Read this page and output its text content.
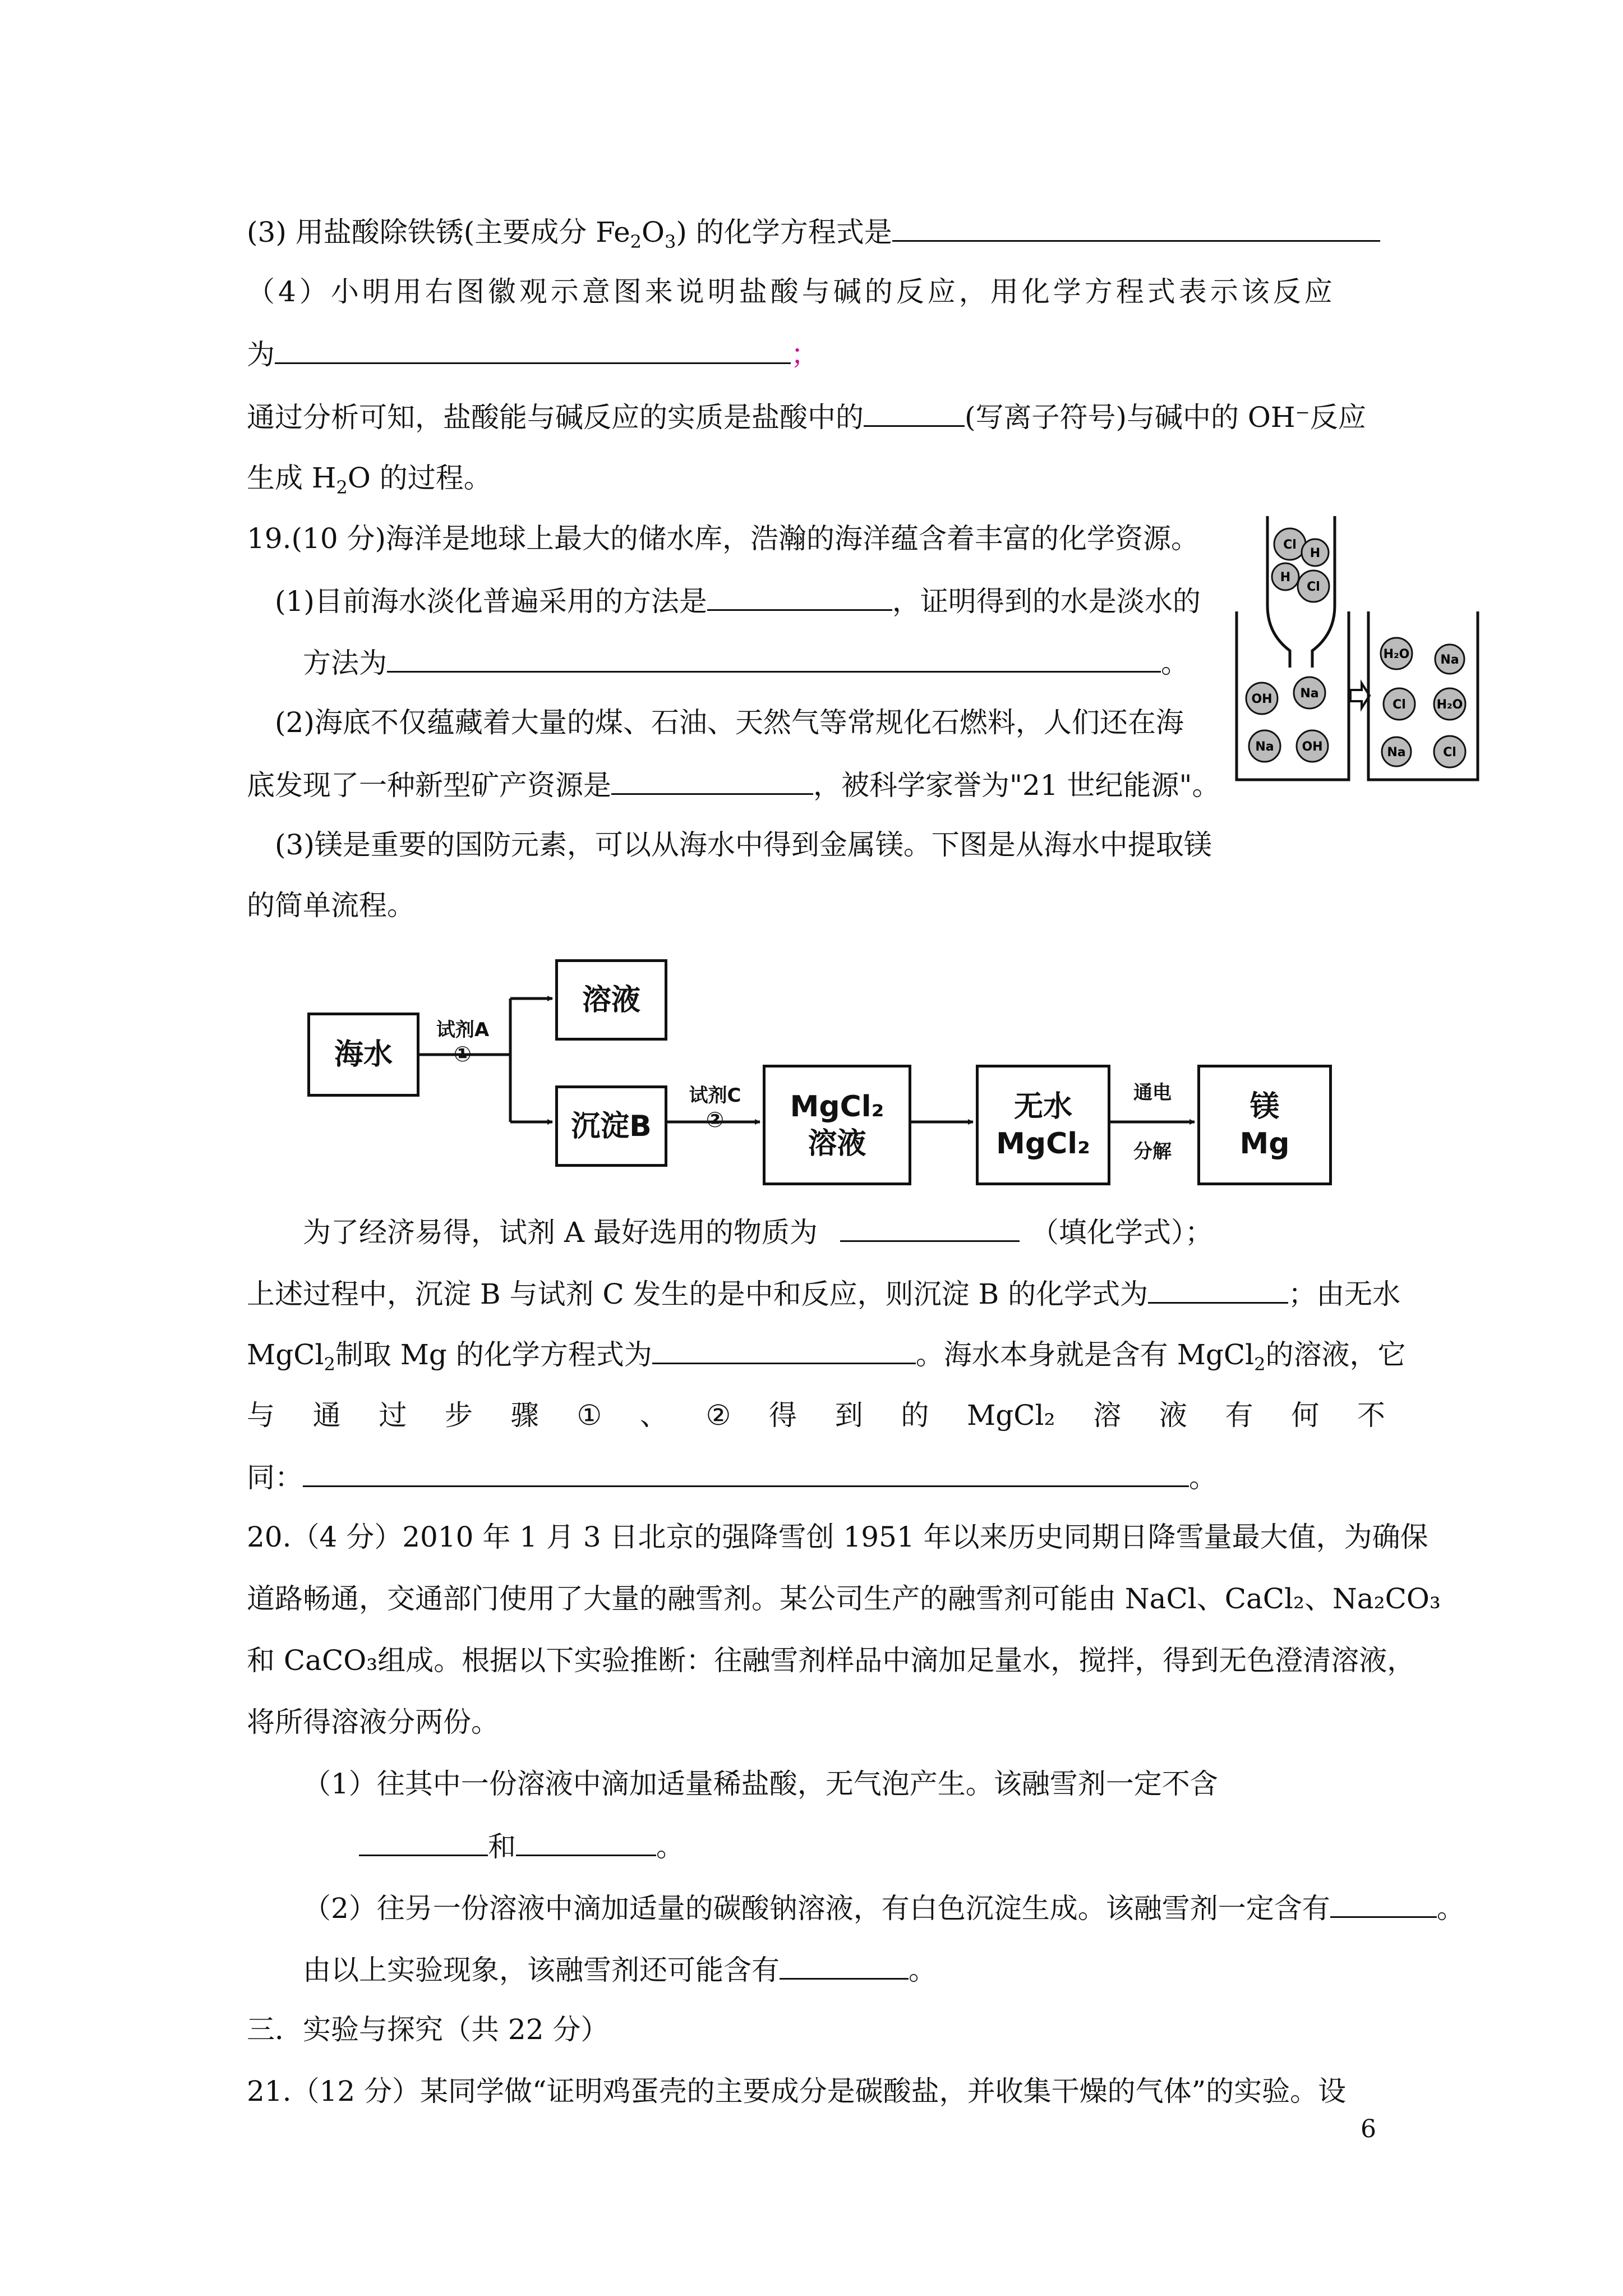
(3) 用盐酸除铁锈(主要成分 $Fe_2O_3$) 的化学方程式是
（4）小明用右图徽观示意图来说明盐酸与碱的反应，用化学方程式表示该反应
为	；
通过分析可知，盐酸能与碱反应的实质是盐酸中的	(写离子符号)与碱中的 OH⁻反应
生成 $H_2O$ 的过程。
Cl
H
H
Cl
OH Na
Na OH
H₂O Na
Cl H₂O
Na	Cl
19.(10 分)海洋是地球上最大的储水库，浩瀚的海洋蕴含着丰富的化学资源。
(1)目前海水淡化普遍采用的方法是	，证明得到的水是淡水的
方法为	。
(2)海底不仅蕴藏着大量的煤、石油、天然气等常规化石燃料，人们还在海
底发现了一种新型矿产资源是	，被科学家誉为"21 世纪能源"。
(3)镁是重要的国防元素，可以从海水中得到金属镁。下图是从海水中提取镁
的简单流程。
海水
溶液
沉淀B
MgCl₂
溶液
无水
MgCl₂
镁
Mg
试剂A
①
试剂C
②
通电
分解
为了经济易得，试剂 A 最好选用的物质为	（填化学式）；
上述过程中，沉淀 B 与试剂 C 发生的是中和反应，则沉淀 B 的化学式为	；由无水
MgCl$_2$制取 Mg 的化学方程式为	。海水本身就是含有 MgCl$_2$的溶液，它
与 通 过 步 骤 ① 、 ② 得 到 的 MgCl₂ 溶 液 有 何 不
同：	。
20.（4 分）2010 年 1 月 3 日北京的强降雪创 1951 年以来历史同期日降雪量最大值，为确保
道路畅通，交通部门使用了大量的融雪剂。某公司生产的融雪剂可能由 NaCl、CaCl₂、Na₂CO₃
和 CaCO₃组成。根据以下实验推断：往融雪剂样品中滴加足量水，搅拌，得到无色澄清溶液，
将所得溶液分两份。
（1）往其中一份溶液中滴加适量稀盐酸，无气泡产生。该融雪剂一定不含
和	。
（2）往另一份溶液中滴加适量的碳酸钠溶液，有白色沉淀生成。该融雪剂一定含有	。
由以上实验现象，该融雪剂还可能含有	。
三．实验与探究（共 22 分）
21.（12 分）某同学做“证明鸡蛋壳的主要成分是碳酸盐，并收集干燥的气体”的实验。设
6
